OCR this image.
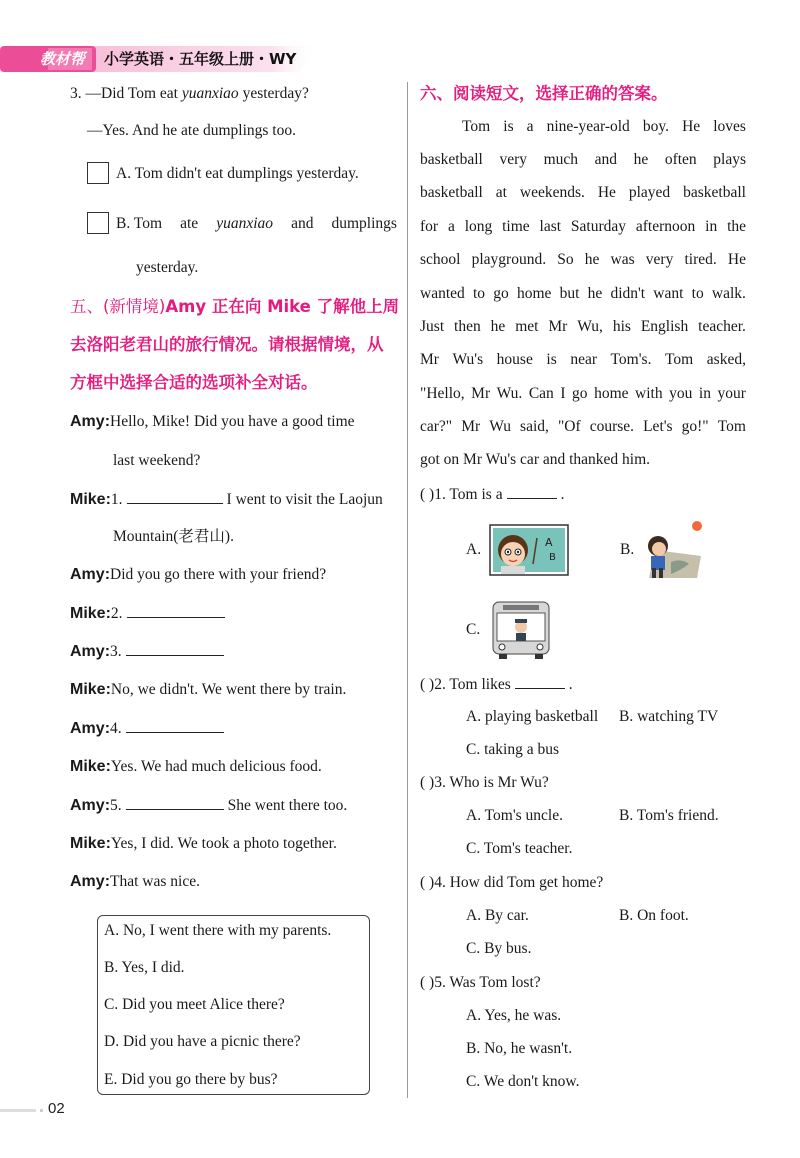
教材帮 小学英语・五年级上册・WY
3. —Did Tom eat yuanxiao yesterday?
—Yes. And he ate dumplings too.
A. Tom didn't eat dumplings yesterday.
B. Tom ate yuanxiao and dumplings
yesterday.
五、(新情境)Amy 正在向 Mike 了解他上周
去洛阳老君山的旅行情况。请根据情境，从
方框中选择合适的选项补全对话。
Amy:Hello, Mike! Did you have a good time
last weekend?
Mike:1.	I went to visit the Laojun
Mountain(老君山).
Amy:Did you go there with your friend?
Mike:2.
Amy:3.
Mike:No, we didn't. We went there by train.
Amy:4.
Mike:Yes. We had much delicious food.
Amy:5.	She went there too.
Mike:Yes, I did. We took a photo together.
Amy:That was nice.
A. No, I went there with my parents.
B. Yes, I did.
C. Did you meet Alice there?
D. Did you have a picnic there?
E. Did you go there by bus?
02
六、阅读短文，选择正确的答案。
Tom is a nine-year-old boy. He loves
basketball very much and he often plays
basketball at weekends. He played basketball
for a long time last Saturday afternoon in the
school playground. So he was very tired. He
wanted to go home but he didn't want to walk.
Just then he met Mr Wu, his English teacher.
Mr Wu's house is near Tom's. Tom asked,
"Hello, Mr Wu. Can I go home with you in your
car?" Mr Wu said, "Of course. Let's go!" Tom
got on Mr Wu's car and thanked him.
( )1. Tom is a	.
( )2. Tom likes	.
A. playing basketball B. watching TV
C. taking a bus
( )3. Who is Mr Wu?
A. Tom's uncle.	B. Tom's friend.
C. Tom's teacher.
( )4. How did Tom get home?
A. By car.	B. On foot.
C. By bus.
( )5. Was Tom lost?
A. Yes, he was.
B. No, he wasn't.
C. We don't know.
A
B
A.	B.
C.
